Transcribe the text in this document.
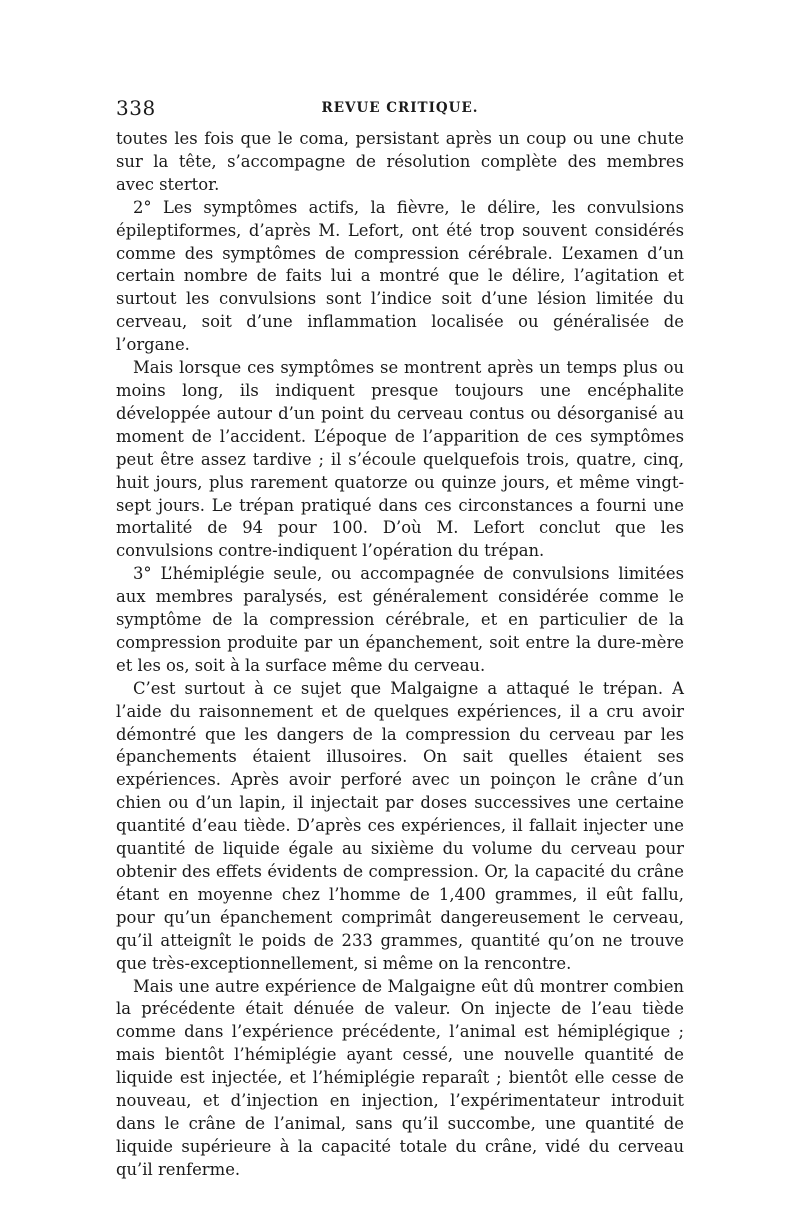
338	REVUE CRITIQUE.

toutes les fois que le coma, persistant après un coup ou une chute sur la tête, s’accompagne de résolution complète des membres avec stertor.

2° Les symptômes actifs, la fièvre, le délire, les convulsions épileptiformes, d’après M. Lefort, ont été trop souvent considérés comme des symptômes de compression cérébrale. L’examen d’un certain nombre de faits lui a montré que le délire, l’agitation et surtout les convulsions sont l’indice soit d’une lésion limitée du cerveau, soit d’une inflammation localisée ou généralisée de l’organe.

Mais lorsque ces symptômes se montrent après un temps plus ou moins long, ils indiquent presque toujours une encéphalite développée autour d’un point du cerveau contus ou désorganisé au moment de l’accident. L’époque de l’apparition de ces symptômes peut être assez tardive ; il s’écoule quelquefois trois, quatre, cinq, huit jours, plus rarement quatorze ou quinze jours, et même vingt-sept jours. Le trépan pratiqué dans ces circonstances a fourni une mortalité de 94 pour 100. D’où M. Lefort conclut que les convulsions contre-indiquent l’opération du trépan.

3° L’hémiplégie seule, ou accompagnée de convulsions limitées aux membres paralysés, est généralement considérée comme le symptôme de la compression cérébrale, et en particulier de la compression produite par un épanchement, soit entre la dure-mère et les os, soit à la surface même du cerveau.

C’est surtout à ce sujet que Malgaigne a attaqué le trépan. A l’aide du raisonnement et de quelques expériences, il a cru avoir démontré que les dangers de la compression du cerveau par les épanchements étaient illusoires. On sait quelles étaient ses expériences. Après avoir perforé avec un poinçon le crâne d’un chien ou d’un lapin, il injectait par doses successives une certaine quantité d’eau tiède. D’après ces expériences, il fallait injecter une quantité de liquide égale au sixième du volume du cerveau pour obtenir des effets évidents de compression. Or, la capacité du crâne étant en moyenne chez l’homme de 1,400 grammes, il eût fallu, pour qu’un épanchement comprimât dangereusement le cerveau, qu’il atteignît le poids de 233 grammes, quantité qu’on ne trouve que très-exceptionnellement, si même on la rencontre.

Mais une autre expérience de Malgaigne eût dû montrer combien la précédente était dénuée de valeur. On injecte de l’eau tiède comme dans l’expérience précédente, l’animal est hémiplégique ; mais bientôt l’hémiplégie ayant cessé, une nouvelle quantité de liquide est injectée, et l’hémiplégie reparaît ; bientôt elle cesse de nouveau, et d’injection en injection, l’expérimentateur introduit dans le crâne de l’animal, sans qu’il succombe, une quantité de liquide supérieure à la capacité totale du crâne, vidé du cerveau qu’il renferme.
